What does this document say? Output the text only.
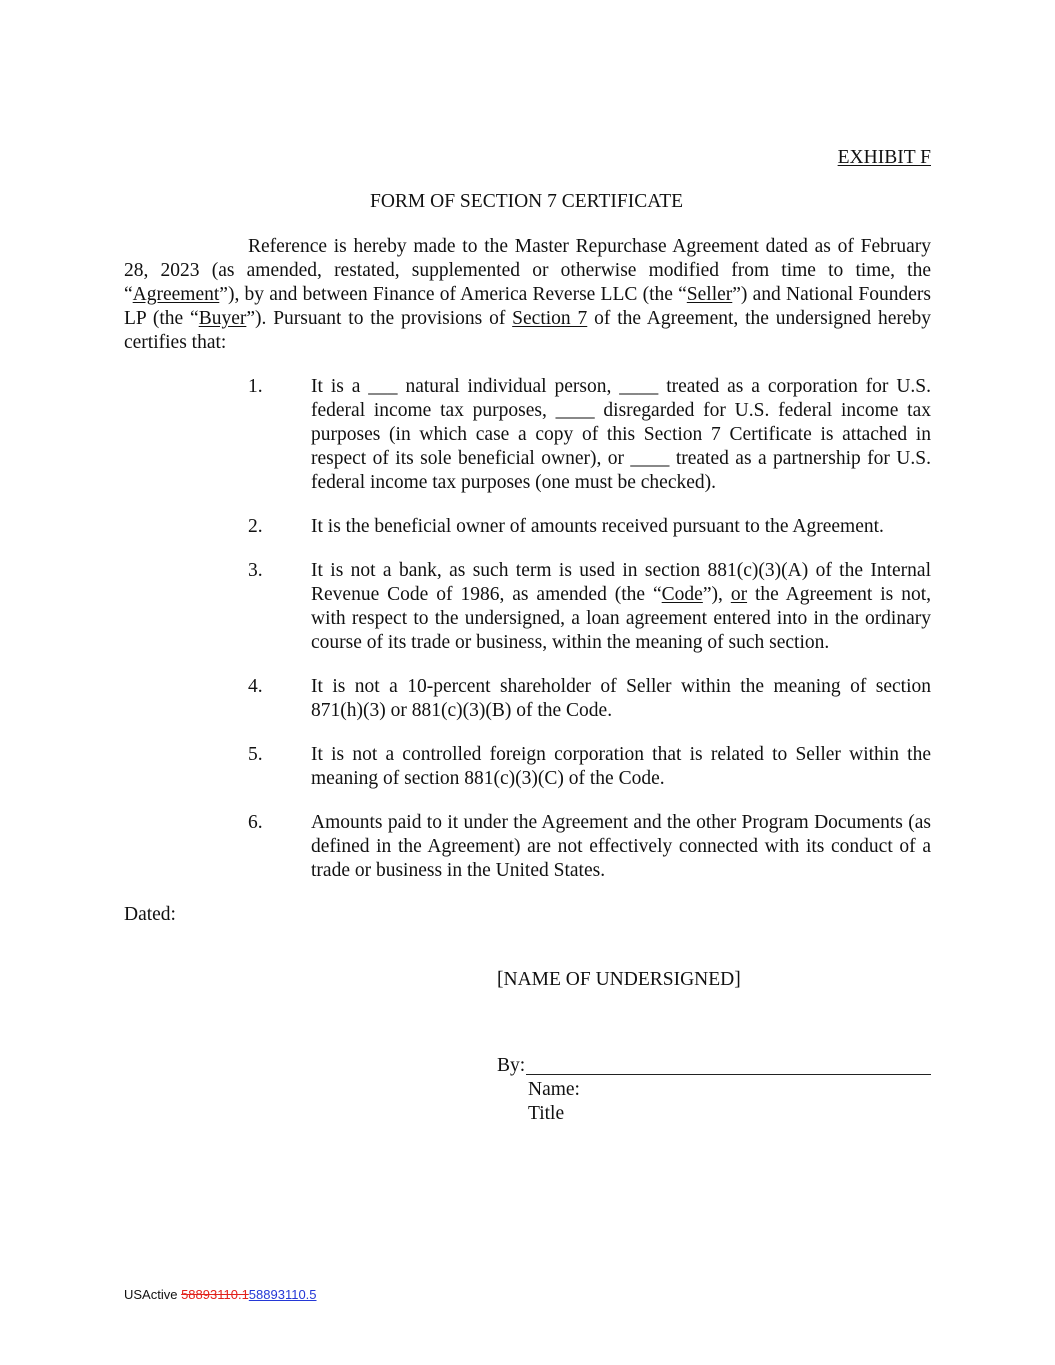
EXHIBIT F
FORM OF SECTION 7 CERTIFICATE

Reference is hereby made to the Master Repurchase Agreement dated as of February 28, 2023 (as amended, restated, supplemented or otherwise modified from time to time, the “Agreement”), by and between Finance of America Reverse LLC (the “Seller”) and National Founders LP (the “Buyer”). Pursuant to the provisions of Section 7 of the Agreement, the undersigned hereby certifies that:

1.	It is a ___ natural individual person, ____ treated as a corporation for U.S. federal income tax purposes, ____ disregarded for U.S. federal income tax purposes (in which case a copy of this Section 7 Certificate is attached in respect of its sole beneficial owner), or ____ treated as a partnership for U.S. federal income tax purposes (one must be checked).
2.	It is the beneficial owner of amounts received pursuant to the Agreement.
3.	It is not a bank, as such term is used in section 881(c)(3)(A) of the Internal Revenue Code of 1986, as amended (the “Code”), or the Agreement is not, with respect to the undersigned, a loan agreement entered into in the ordinary course of its trade or business, within the meaning of such section.
4.	It is not a 10-percent shareholder of Seller within the meaning of section 871(h)(3) or 881(c)(3)(B) of the Code.
5.	It is not a controlled foreign corporation that is related to Seller within the meaning of section 881(c)(3)(C) of the Code.
6.	Amounts paid to it under the Agreement and the other Program Documents (as defined in the Agreement) are not effectively connected with its conduct of a trade or business in the United States.
Dated:
[NAME OF UNDERSIGNED]
By:
Name:
Title
USActive 58893110.158893110.5
